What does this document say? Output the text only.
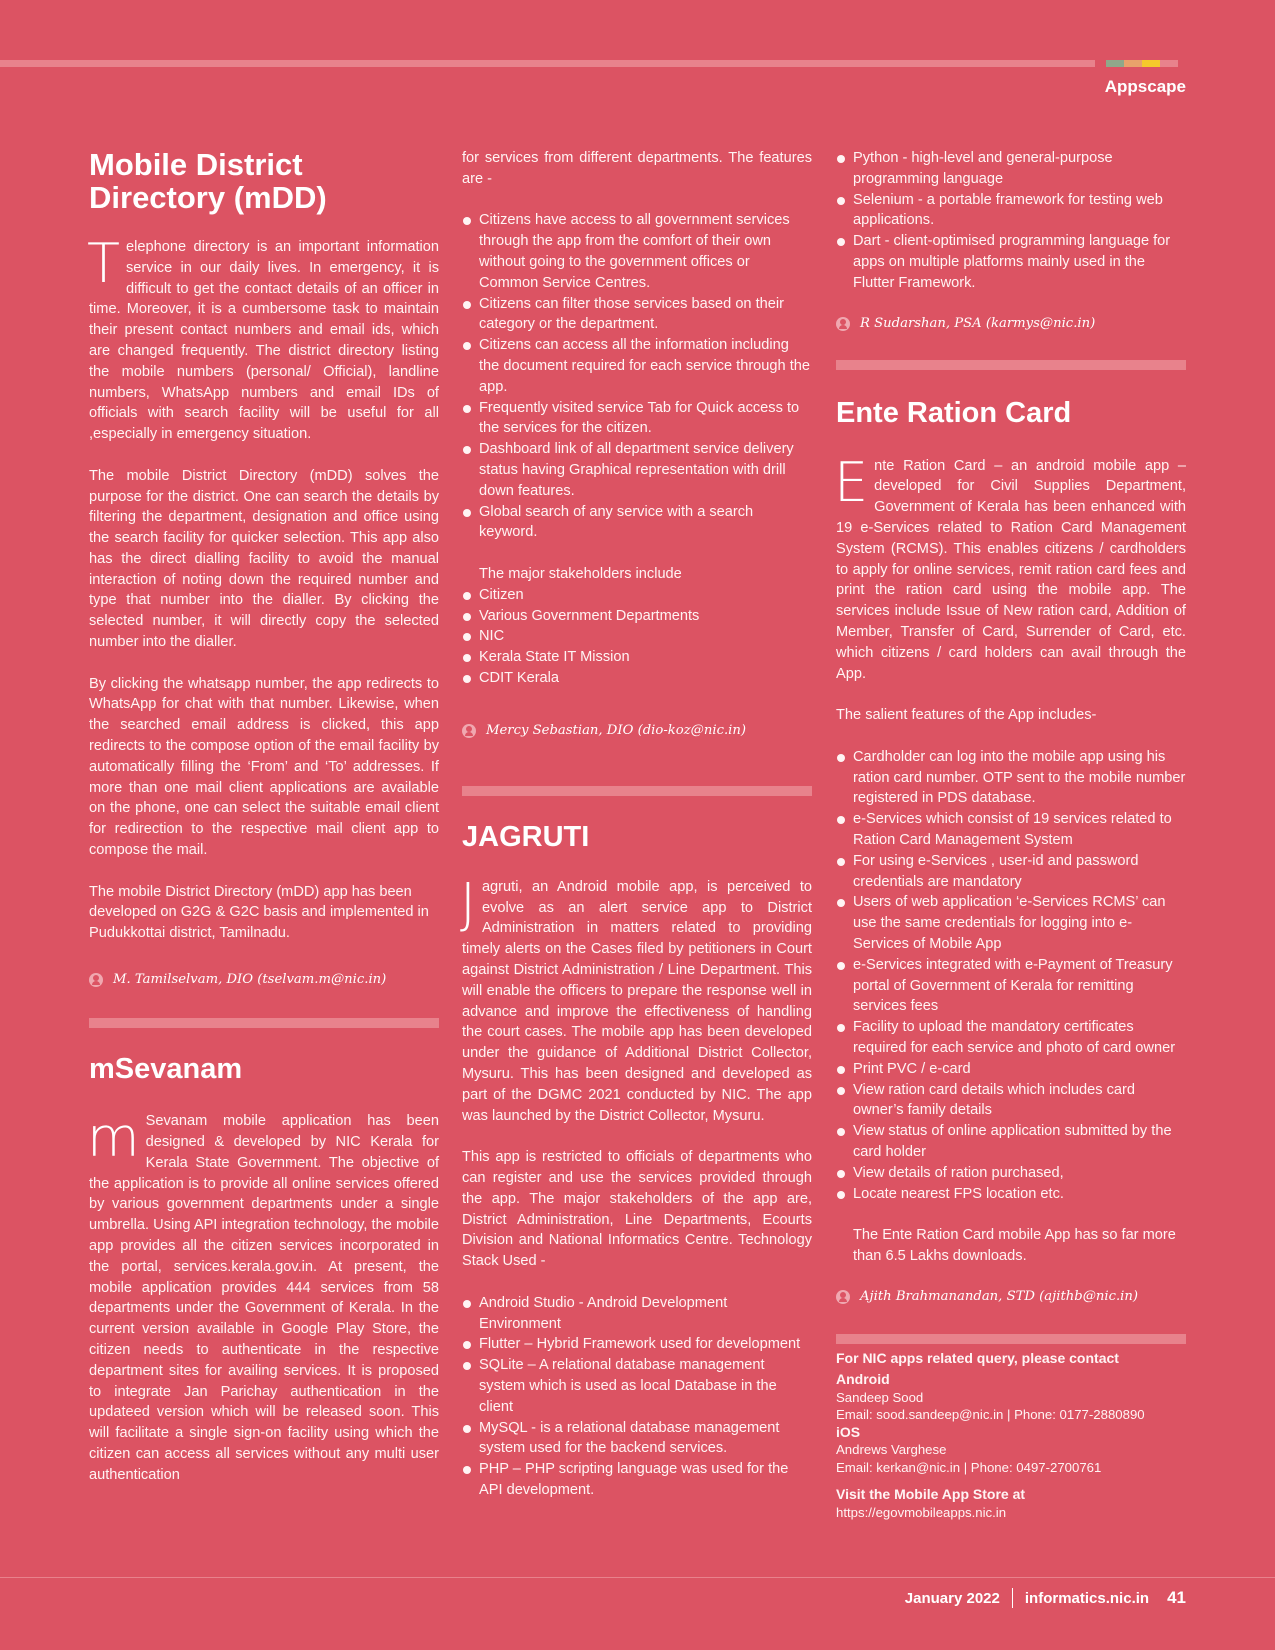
Appscape
Mobile District
Directory (mDD)

Telephone directory is an important information service in our daily lives. In emergency, it is difficult to get the contact details of an officer in time. Moreover, it is a cumbersome task to maintain their present contact numbers and email ids, which are changed frequently. The district directory listing the mobile numbers (personal/ Official), landline numbers, WhatsApp numbers and email IDs of officials with search facility will be useful for all ,especially in emergency situation.

The mobile District Directory (mDD) solves the purpose for the district. One can search the details by filtering the department, designation and office using the search facility for quicker selection. This app also has the direct dialling facility to avoid the manual interaction of noting down the required number and type that number into the dialler. By clicking the selected number, it will directly copy the selected number into the dialler.

By clicking the whatsapp number, the app redirects to WhatsApp for chat with that number. Likewise, when the searched email address is clicked, this app redirects to the compose option of the email facility by automatically filling the ‘From’ and ‘To’ addresses. If more than one mail client applications are available on the phone, one can select the suitable email client for redirection to the respective mail client app to compose the mail.

The mobile District Directory (mDD) app has been developed on G2G & G2C basis and implemented in Pudukkottai district, Tamilnadu.

M. Tamilselvam, DIO (tselvam.m@nic.in)
mSevanam

m Sevanam mobile application has been designed & developed by NIC Kerala for Kerala State Government. The objective of the application is to provide all online services offered by various government departments under a single umbrella. Using API integration technology, the mobile app provides all the citizen services incorporated in the portal, services.kerala.gov.in. At present, the mobile application provides 444 services from 58 departments under the Government of Kerala. In the current version available in Google Play Store, the citizen needs to authenticate in the respective department sites for availing services. It is proposed to integrate Jan Parichay authentication in the updateed version which will be released soon. This will facilitate a single sign-on facility using which the citizen can access all services without any multi user authentication

for services from different departments. The features are -

Citizens have access to all government services through the app from the comfort of their own without going to the government offices or Common Service Centres.
Citizens can filter those services based on their category or the department.
Citizens can access all the information including the document required for each service through the app.
Frequently visited service Tab for Quick access to the services for the citizen.
Dashboard link of all department service delivery status having Graphical representation with drill down features.
Global search of any service with a search keyword.

The major stakeholders include

Citizen
Various Government Departments
NIC
Kerala State IT Mission
CDIT Kerala
Mercy Sebastian, DIO (dio-koz@nic.in)
JAGRUTI

Jagruti, an Android mobile app, is perceived to evolve as an alert service app to District Administration in matters related to providing timely alerts on the Cases filed by petitioners in Court against District Administration / Line Department. This will enable the officers to prepare the response well in advance and improve the effectiveness of handling the court cases. The mobile app has been developed under the guidance of Additional District Collector, Mysuru. This has been designed and developed as part of the DGMC 2021 conducted by NIC. The app was launched by the District Collector, Mysuru.

This app is restricted to officials of departments who can register and use the services provided through the app. The major stakeholders of the app are, District Administration, Line Departments, Ecourts Division and National Informatics Centre. Technology Stack Used -

Android Studio - Android Development Environment
Flutter – Hybrid Framework used for development
SQLite – A relational database management system which is used as local Database in the client
MySQL - is a relational database management system used for the backend services.
PHP – PHP scripting language was used for the API development.
Python - high-level and general-purpose programming language
Selenium - a portable framework for testing web applications.
Dart - client-optimised programming language for apps on multiple platforms mainly used in the Flutter Framework.
R Sudarshan, PSA (karmys@nic.in)
Ente Ration Card

Ente Ration Card – an android mobile app – developed for Civil Supplies Department, Government of Kerala has been enhanced with 19 e-Services related to Ration Card Management System (RCMS). This enables citizens / cardholders to apply for online services, remit ration card fees and print the ration card using the mobile app. The services include Issue of New ration card, Addition of Member, Transfer of Card, Surrender of Card, etc. which citizens / card holders can avail through the App.

The salient features of the App includes-

Cardholder can log into the mobile app using his ration card number. OTP sent to the mobile number registered in PDS database.
e-Services which consist of 19 services related to Ration Card Management System
For using e-Services , user-id and password credentials are mandatory
Users of web application ‘e-Services RCMS’ can use the same credentials for logging into e-Services of Mobile App
e-Services integrated with e-Payment of Treasury portal of Government of Kerala for remitting services fees
Facility to upload the mandatory certificates required for each service and photo of card owner
Print PVC / e-card
View ration card details which includes card owner’s family details
View status of online application submitted by the card holder
View details of ration purchased,
Locate nearest FPS location etc.

The Ente Ration Card mobile App has so far more than 6.5 Lakhs downloads.

Ajith Brahmanandan, STD (ajithb@nic.in)
For NIC apps related query, please contact
Android
Sandeep Sood
Email: sood.sandeep@nic.in | Phone: 0177-2880890
iOS
Andrews Varghese
Email: kerkan@nic.in | Phone: 0497-2700761
Visit the Mobile App Store at
https://egovmobileapps.nic.in
January 2022 informatics.nic.in 41
